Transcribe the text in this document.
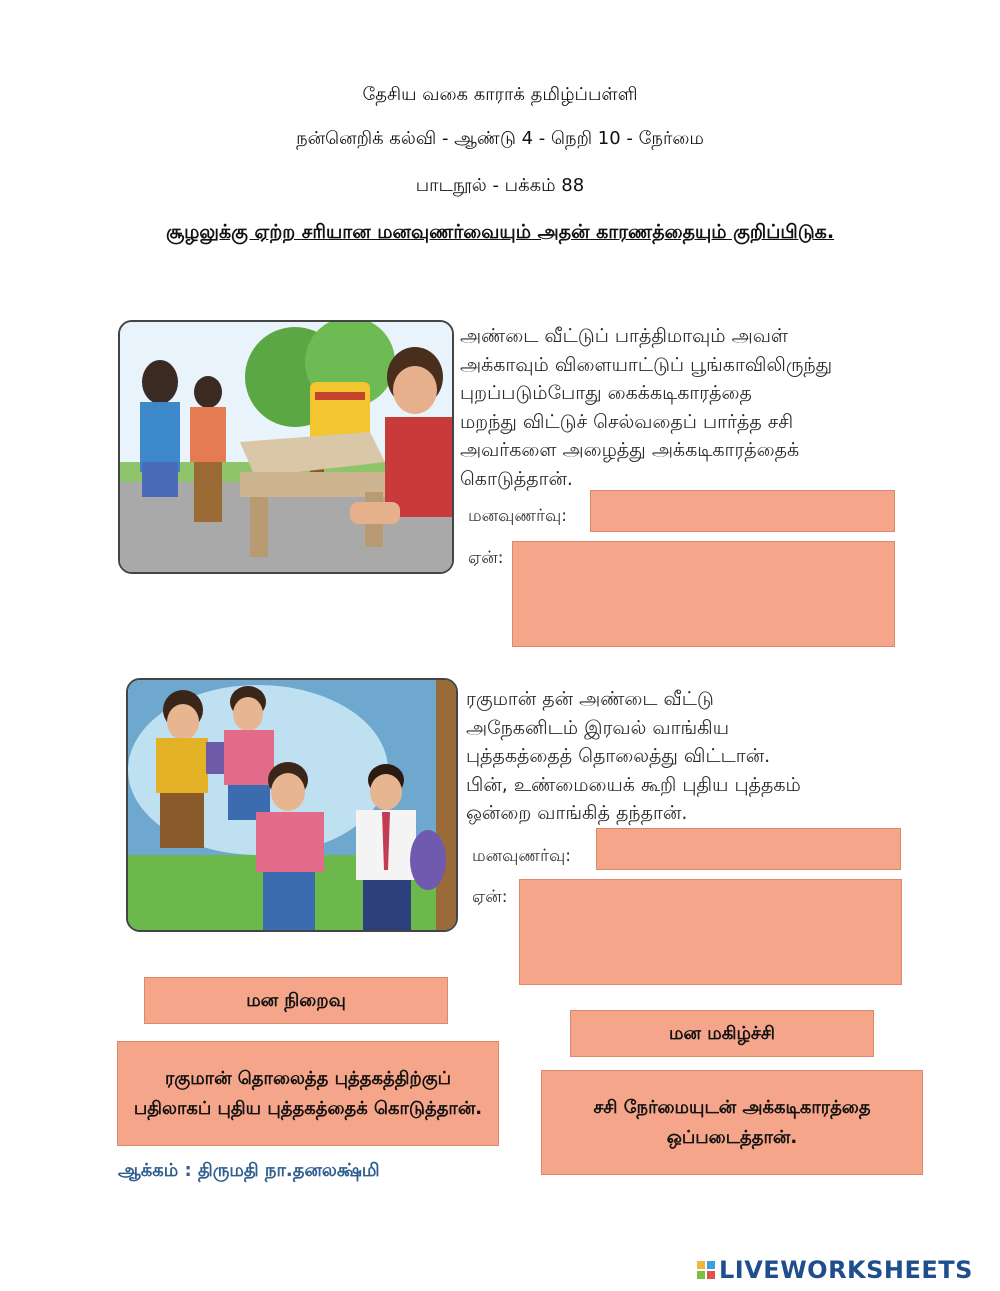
தேசிய வகை காராக் தமிழ்ப்பள்ளி
நன்னெறிக் கல்வி - ஆண்டு 4 - நெறி 10 - நேர்மை
பாடநூல் - பக்கம் 88
சூழலுக்கு ஏற்ற சரியான மனவுணர்வையும் அதன் காரணத்தையும் குறிப்பிடுக.
அண்டை வீட்டுப் பாத்திமாவும் அவள்
அக்காவும் விளையாட்டுப் பூங்காவிலிருந்து
புறப்படும்போது கைக்கடிகாரத்தை
மறந்து விட்டுச் செல்வதைப் பார்த்த சசி
அவர்களை அழைத்து அக்கடிகாரத்தைக்
கொடுத்தான்.
மனவுணர்வு:
ஏன்:
ரகுமான் தன் அண்டை வீட்டு
அநேகனிடம் இரவல் வாங்கிய
புத்தகத்தைத் தொலைத்து விட்டான்.
பின், உண்மையைக் கூறி புதிய புத்தகம்
ஒன்றை வாங்கித் தந்தான்.
மனவுணர்வு:
ஏன்:
மன நிறைவு
மன மகிழ்ச்சி
ரகுமான் தொலைத்த புத்தகத்திற்குப் பதிலாகப் புதிய புத்தகத்தைக் கொடுத்தான்.	சசி நேர்மையுடன் அக்கடிகாரத்தை ஒப்படைத்தான்.
ஆக்கம் : திருமதி நா.தனலக்ஷ்மி
LIVEWORKSHEETS
